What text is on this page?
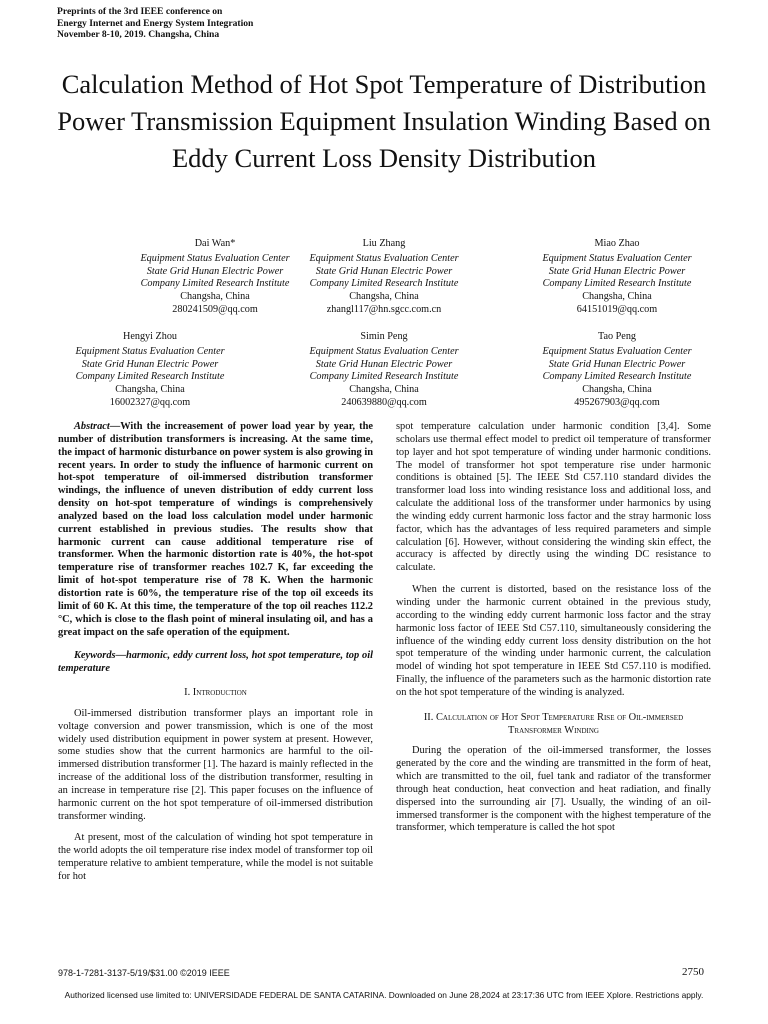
Preprints of the 3rd IEEE conference on
Energy Internet and Energy System Integration
November 8-10, 2019. Changsha, China
Calculation Method of Hot Spot Temperature of Distribution Power Transmission Equipment Insulation Winding Based on Eddy Current Loss Density Distribution
Dai Wan*
Equipment Status Evaluation Center
State Grid Hunan Electric Power
Company Limited Research Institute
Changsha, China
280241509@qq.com
Liu Zhang
Equipment Status Evaluation Center
State Grid Hunan Electric Power
Company Limited Research Institute
Changsha, China
zhangl117@hn.sgcc.com.cn
Miao Zhao
Equipment Status Evaluation Center
State Grid Hunan Electric Power
Company Limited Research Institute
Changsha, China
64151019@qq.com
Hengyi Zhou
Equipment Status Evaluation Center
State Grid Hunan Electric Power
Company Limited Research Institute
Changsha, China
16002327@qq.com
Simin Peng
Equipment Status Evaluation Center
State Grid Hunan Electric Power
Company Limited Research Institute
Changsha, China
240639880@qq.com
Tao Peng
Equipment Status Evaluation Center
State Grid Hunan Electric Power
Company Limited Research Institute
Changsha, China
495267903@qq.com

Abstract—With the increasement of power load year by year, the number of distribution transformers is increasing. At the same time, the impact of harmonic disturbance on power system is also growing in recent years. In order to study the influence of harmonic current on hot-spot temperature of oil-immersed distribution transformer windings, the influence of uneven distribution of eddy current loss density on hot-spot temperature of windings is comprehensively analyzed based on the load loss calculation model under harmonic current established in previous studies. The results show that harmonic current can cause additional temperature rise of transformer. When the harmonic distortion rate is 40%, the hot-spot temperature rise of transformer reaches 102.7 K, far exceeding the limit of hot-spot temperature rise of 78 K. When the harmonic distortion rate is 60%, the temperature rise of the top oil exceeds its limit of 60 K. At this time, the temperature of the top oil reaches 112.2 °C, which is close to the flash point of mineral insulating oil, and has a great impact on the safe operation of the equipment.

Keywords—harmonic, eddy current loss, hot spot temperature, top oil temperature

I. Introduction

Oil-immersed distribution transformer plays an important role in voltage conversion and power transmission, which is one of the most widely used distribution equipment in power system at present. However, some studies show that the current harmonics are harmful to the oil-immersed distribution transformer [1]. The hazard is mainly reflected in the increase of the additional loss of the distribution transformer, resulting in an increase in temperature rise [2]. This paper focuses on the influence of harmonic current on the hot spot temperature of oil-immersed distribution transformer winding.

At present, most of the calculation of winding hot spot temperature in the world adopts the oil temperature rise index model of transformer top oil temperature relative to ambient temperature, while the model is not suitable for hot

spot temperature calculation under harmonic condition [3,4]. Some scholars use thermal effect model to predict oil temperature of transformer top layer and hot spot temperature of winding under harmonic conditions. The model of transformer hot spot temperature rise under harmonic conditions is obtained [5]. The IEEE Std C57.110 standard divides the transformer load loss into winding resistance loss and additional loss, and calculate the additional loss of the transformer under harmonics by using the winding eddy current harmonic loss factor and the stray harmonic loss factor, which has the advantages of less required parameters and simple calculation [6]. However, without considering the winding skin effect, the accuracy is affected by directly using the winding DC resistance to calculate.

When the current is distorted, based on the resistance loss of the winding under the harmonic current obtained in the previous study, according to the winding eddy current harmonic loss factor and the stray harmonic loss factor of IEEE Std C57.110, simultaneously considering the influence of the winding eddy current loss density distribution on the hot spot temperature of the winding under harmonic current, the calculation model of winding hot spot temperature in IEEE Std C57.110 is modified. Finally, the influence of the parameters such as the harmonic distortion rate on the hot spot temperature of the winding is analyzed.

II. Calculation of Hot Spot Temperature Rise of Oil-immersed Transformer Winding

During the operation of the oil-immersed transformer, the losses generated by the core and the winding are transmitted in the form of heat, which are transmitted to the oil, fuel tank and radiator of the transformer through heat conduction, heat convection and heat radiation, and finally dispersed into the surrounding air [7]. Usually, the winding of an oil-immersed transformer is the component with the highest temperature of the transformer, which temperature is called the hot spot

978-1-7281-3137-5/19/$31.00 ©2019 IEEE	2750
Authorized licensed use limited to: UNIVERSIDADE FEDERAL DE SANTA CATARINA. Downloaded on June 28,2024 at 23:17:36 UTC from IEEE Xplore. Restrictions apply.
